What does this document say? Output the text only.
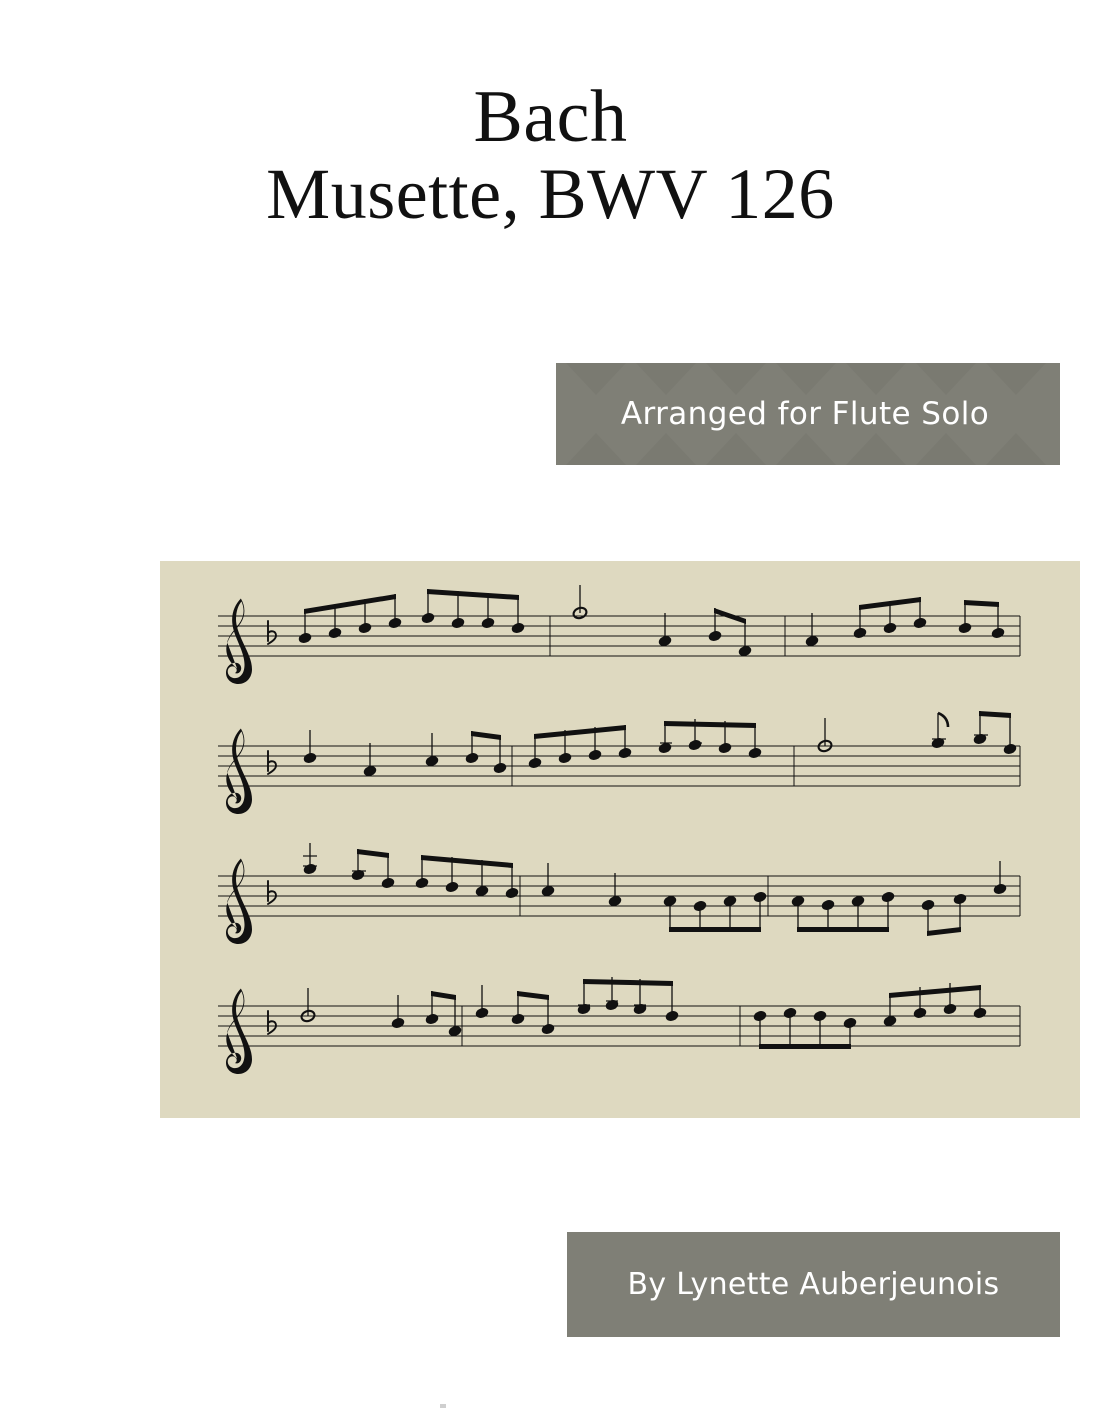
Bach
Musette, BWV 126
Arranged for Flute Solo
By Lynette Auberjeunois
